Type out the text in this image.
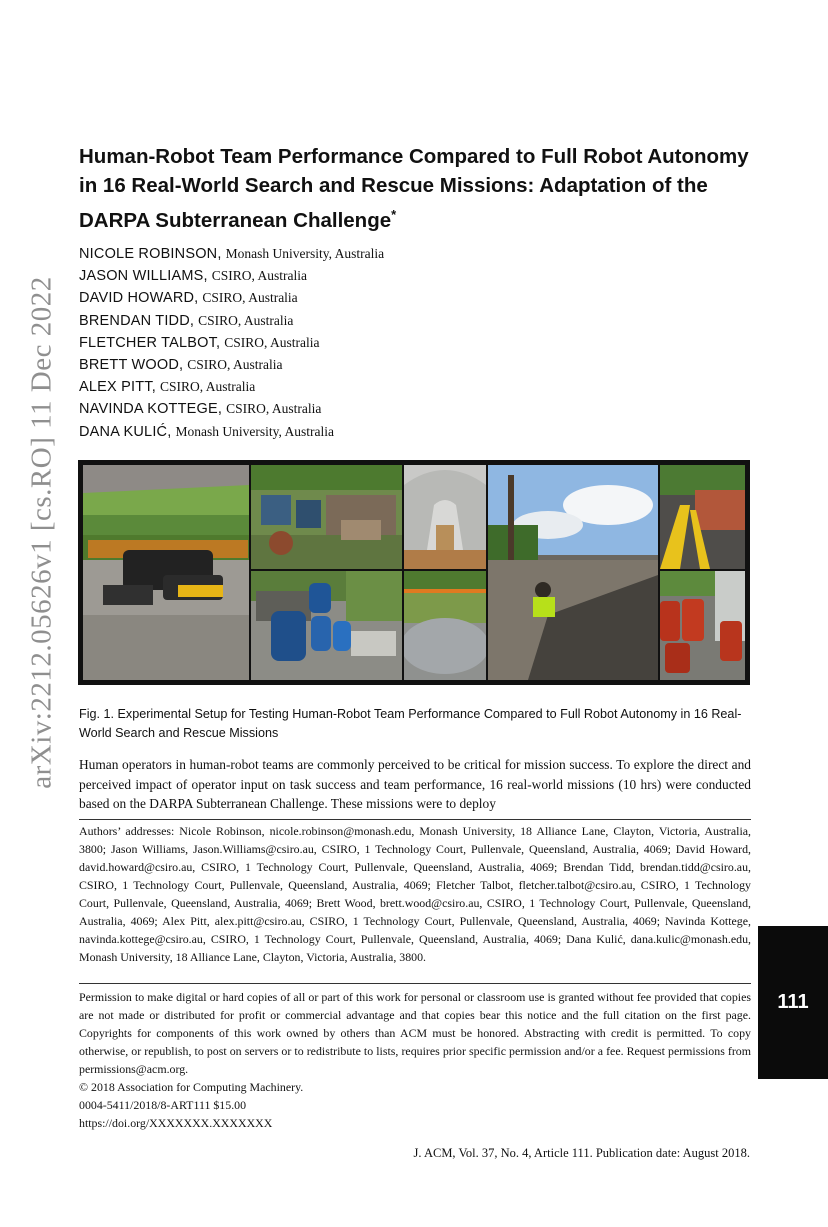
arXiv:2212.05626v1 [cs.RO] 11 Dec 2022
Human-Robot Team Performance Compared to Full Robot Autonomy in 16 Real-World Search and Rescue Missions: Adaptation of the DARPA Subterranean Challenge*
NICOLE ROBINSON, Monash University, Australia
JASON WILLIAMS, CSIRO, Australia
DAVID HOWARD, CSIRO, Australia
BRENDAN TIDD, CSIRO, Australia
FLETCHER TALBOT, CSIRO, Australia
BRETT WOOD, CSIRO, Australia
ALEX PITT, CSIRO, Australia
NAVINDA KOTTEGE, CSIRO, Australia
DANA KULIĆ, Monash University, Australia
Fig. 1. Experimental Setup for Testing Human-Robot Team Performance Compared to Full Robot Autonomy in 16 Real-World Search and Rescue Missions

Human operators in human-robot teams are commonly perceived to be critical for mission success. To explore the direct and perceived impact of operator input on task success and team performance, 16 real-world missions (10 hrs) were conducted based on the DARPA Subterranean Challenge. These missions were to deploy

Authors’ addresses: Nicole Robinson, nicole.robinson@monash.edu, Monash University, 18 Alliance Lane, Clayton, Victoria, Australia, 3800; Jason Williams, Jason.Williams@csiro.au, CSIRO, 1 Technology Court, Pullenvale, Queensland, Australia, 4069; David Howard, david.howard@csiro.au, CSIRO, 1 Technology Court, Pullenvale, Queensland, Australia, 4069; Brendan Tidd, brendan.tidd@csiro.au, CSIRO, 1 Technology Court, Pullenvale, Queensland, Australia, 4069; Fletcher Talbot, fletcher.talbot@csiro.au, CSIRO, 1 Technology Court, Pullenvale, Queensland, Australia, 4069; Brett Wood, brett.wood@csiro.au, CSIRO, 1 Technology Court, Pullenvale, Queensland, Australia, 4069; Alex Pitt, alex.pitt@csiro.au, CSIRO, 1 Technology Court, Pullenvale, Queensland, Australia, 4069; Navinda Kottege, navinda.kottege@csiro.au, CSIRO, 1 Technology Court, Pullenvale, Queensland, Australia, 4069; Dana Kulić, dana.kulic@monash.edu, Monash University, 18 Alliance Lane, Clayton, Victoria, Australia, 3800.

Permission to make digital or hard copies of all or part of this work for personal or classroom use is granted without fee provided that copies are not made or distributed for profit or commercial advantage and that copies bear this notice and the full citation on the first page. Copyrights for components of this work owned by others than ACM must be honored. Abstracting with credit is permitted. To copy otherwise, or republish, to post on servers or to redistribute to lists, requires prior specific permission and/or a fee. Request permissions from permissions@acm.org.
© 2018 Association for Computing Machinery.
0004-5411/2018/8-ART111 $15.00
https://doi.org/XXXXXXX.XXXXXXX
J. ACM, Vol. 37, No. 4, Article 111. Publication date: August 2018.
111
